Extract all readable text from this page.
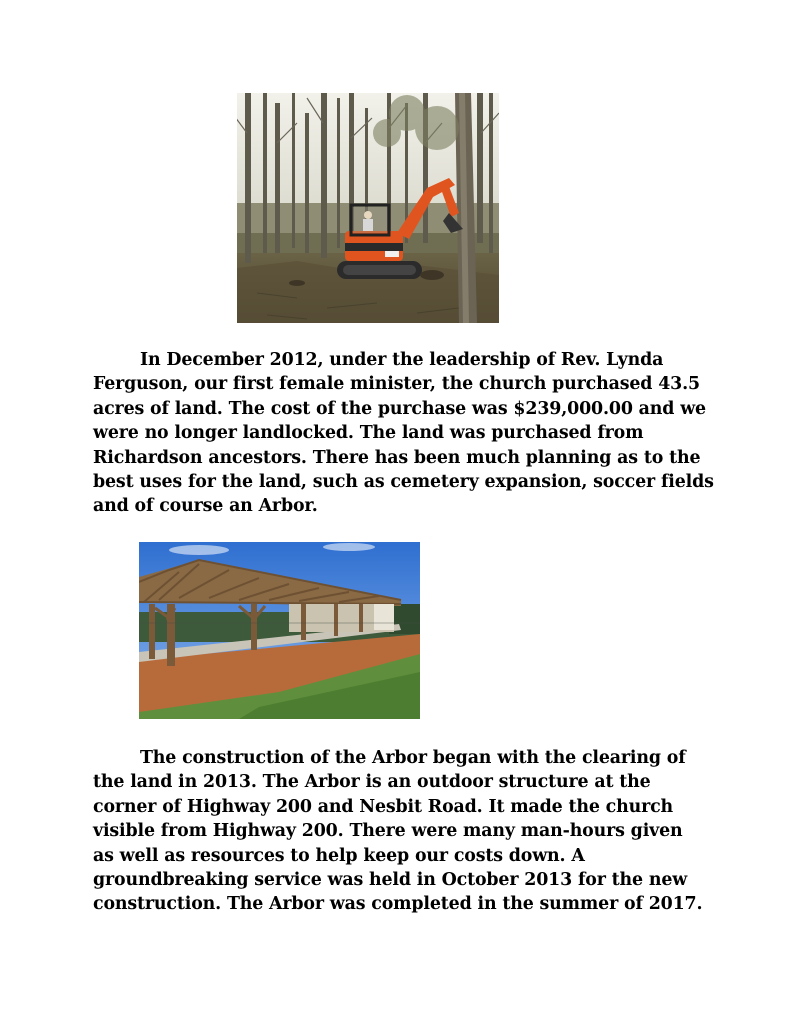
In December 2012, under the leadership of Rev. Lynda
Ferguson, our first female minister, the church purchased 43.5
acres of land. The cost of the purchase was $239,000.00 and we
were no longer landlocked. The land was purchased from
Richardson ancestors. There has been much planning as to the
best uses for the land, such as cemetery expansion, soccer fields
and of course an Arbor.
The construction of the Arbor began with the clearing of
the land in 2013. The Arbor is an outdoor structure at the
corner of Highway 200 and Nesbit Road. It made the church
visible from Highway 200. There were many man-hours given
as well as resources to help keep our costs down. A
groundbreaking service was held in October 2013 for the new
construction. The Arbor was completed in the summer of 2017.
